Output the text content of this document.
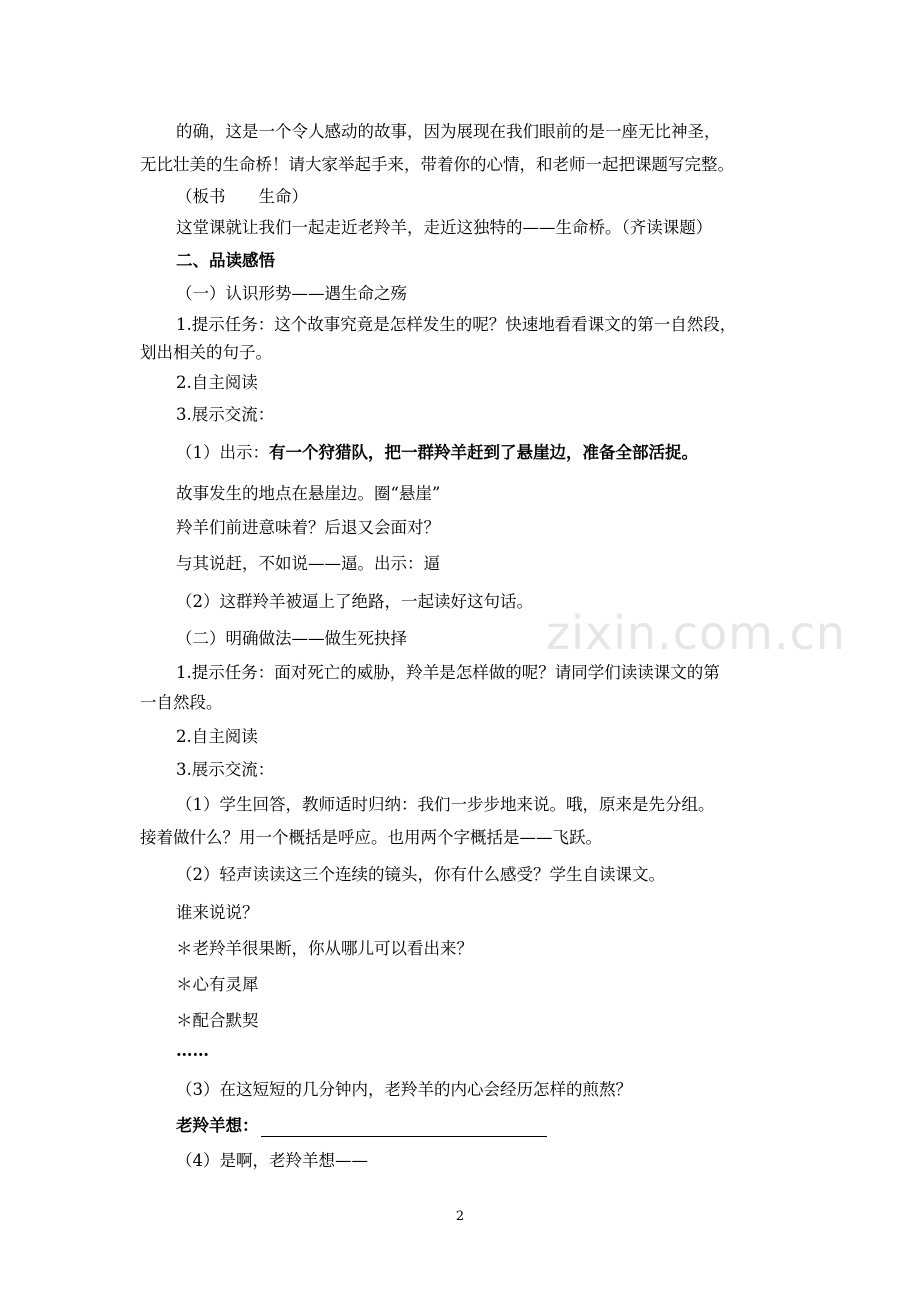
的确，这是一个令人感动的故事，因为展现在我们眼前的是一座无比神圣，
无比壮美的生命桥！请大家举起手来，带着你的心情，和老师一起把课题写完整。
（板书　　生命）
这堂课就让我们一起走近老羚羊，走近这独特的——生命桥。（齐读课题）
二、品读感悟
（一）认识形势——遇生命之殇
1.提示任务：这个故事究竟是怎样发生的呢？快速地看看课文的第一自然段，
划出相关的句子。
2.自主阅读
3.展示交流：
（1）出示：有一个狩猎队，把一群羚羊赶到了悬崖边，准备全部活捉。
故事发生的地点在悬崖边。圈“悬崖”
羚羊们前进意味着？后退又会面对？
与其说赶，不如说——逼。出示：逼
（2）这群羚羊被逼上了绝路，一起读好这句话。
（二）明确做法——做生死抉择
1.提示任务：面对死亡的威胁，羚羊是怎样做的呢？请同学们读读课文的第
一自然段。
2.自主阅读
3.展示交流：
（1）学生回答，教师适时归纳：我们一步步地来说。哦，原来是先分组。
接着做什么？用一个概括是呼应。也用两个字概括是——飞跃。
（2）轻声读读这三个连续的镜头，你有什么感受？学生自读课文。
谁来说说？
＊老羚羊很果断，你从哪儿可以看出来？
＊心有灵犀
＊配合默契
……
（3）在这短短的几分钟内，老羚羊的内心会经历怎样的煎熬？
老羚羊想：
（4）是啊，老羚羊想——
zixin.com.cn
2
